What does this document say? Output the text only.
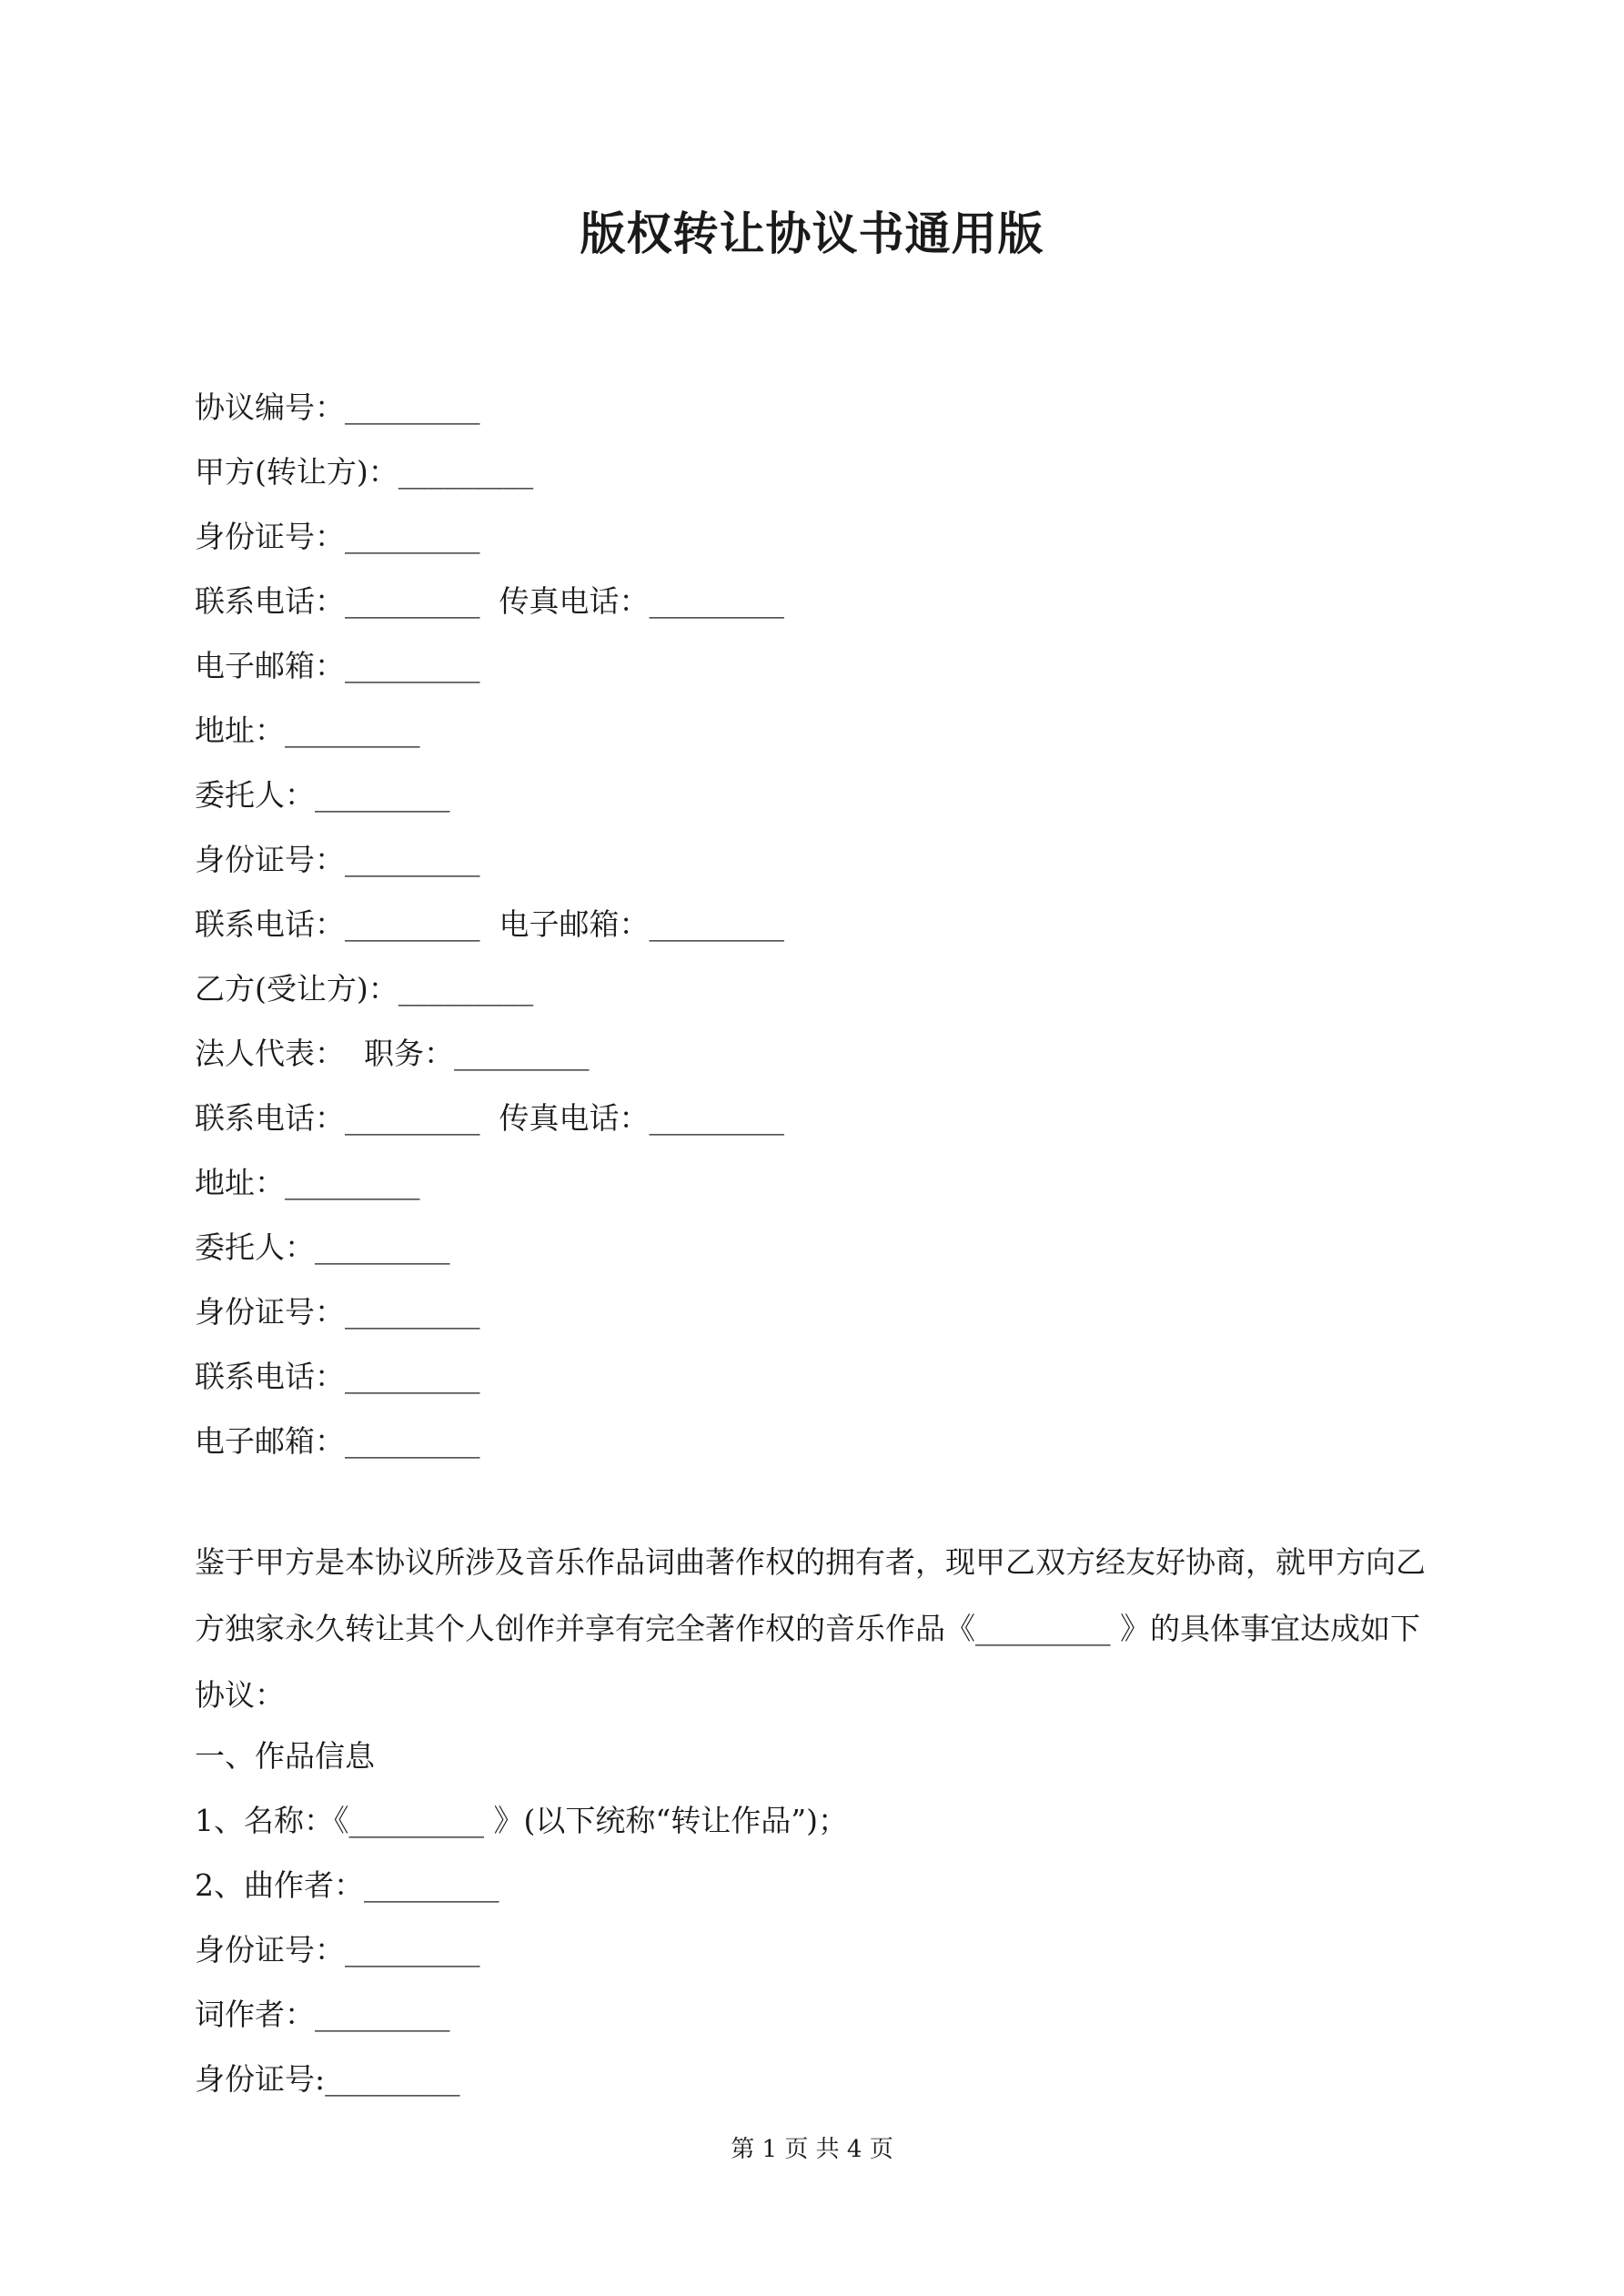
版权转让协议书通用版
协议编号：_________
甲方(转让方)：_________
身份证号：_________
联系电话：_________  传真电话：_________
电子邮箱：_________
地址：_________
委托人：_________
身份证号：_________
联系电话：_________  电子邮箱：_________
乙方(受让方)：_________
法人代表：  职务：_________
联系电话：_________  传真电话：_________
地址：_________
委托人：_________
身份证号：_________
联系电话：_________
电子邮箱：_________
鉴于甲方是本协议所涉及音乐作品词曲著作权的拥有者，现甲乙双方经友好协商，就甲方向乙方独家永久转让其个人创作并享有完全著作权的音乐作品《_________ 》的具体事宜达成如下协议：
一、作品信息
1、名称：《_________ 》(以下统称“转让作品”)；
2、曲作者：_________
身份证号：_________
词作者：_________
身份证号:_________
第 1 页 共 4 页
